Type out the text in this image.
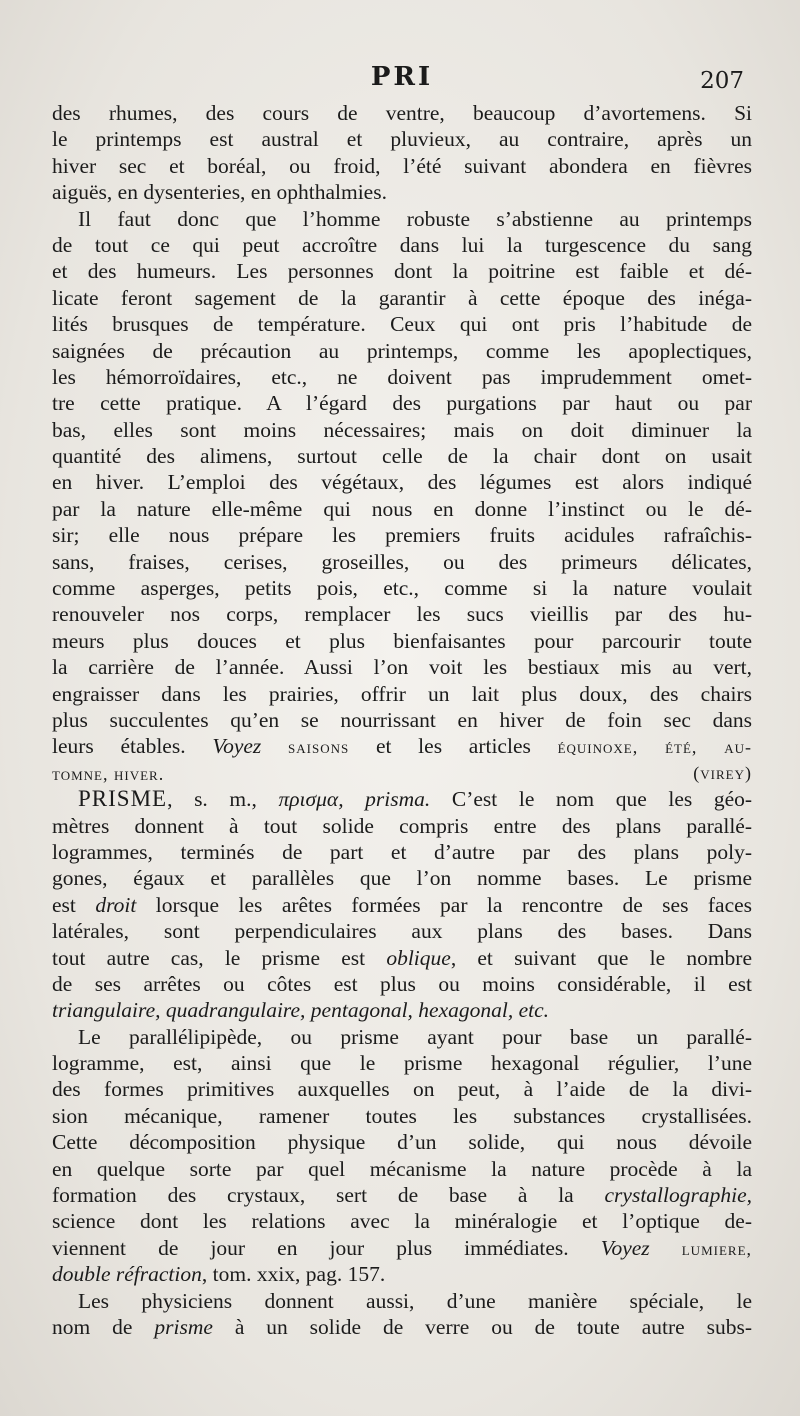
PRI	207
des rhumes, des cours de ventre, beaucoup d’avortemens. Si
le printemps est austral et pluvieux, au contraire, après un
hiver sec et boréal, ou froid, l’été suivant abondera en fièvres
aiguës, en dysenteries, en ophthalmies.
Il faut donc que l’homme robuste s’abstienne au printemps
de tout ce qui peut accroître dans lui la turgescence du sang
et des humeurs. Les personnes dont la poitrine est faible et dé-
licate feront sagement de la garantir à cette époque des inéga-
lités brusques de température. Ceux qui ont pris l’habitude de
saignées de précaution au printemps, comme les apoplectiques,
les hémorroïdaires, etc., ne doivent pas imprudemment omet-
tre cette pratique. A l’égard des purgations par haut ou par
bas, elles sont moins nécessaires; mais on doit diminuer la
quantité des alimens, surtout celle de la chair dont on usait
en hiver. L’emploi des végétaux, des légumes est alors indiqué
par la nature elle-même qui nous en donne l’instinct ou le dé-
sir; elle nous prépare les premiers fruits acidules rafraîchis-
sans, fraises, cerises, groseilles, ou des primeurs délicates,
comme asperges, petits pois, etc., comme si la nature voulait
renouveler nos corps, remplacer les sucs vieillis par des hu-
meurs plus douces et plus bienfaisantes pour parcourir toute
la carrière de l’année. Aussi l’on voit les bestiaux mis au vert,
engraisser dans les prairies, offrir un lait plus doux, des chairs
plus succulentes qu’en se nourrissant en hiver de foin sec dans
leurs étables. Voyez saisons et les articles équinoxe, été, au-
tomne, hiver.	(virey)
PRISME, s. m., πρισμα, prisma. C’est le nom que les géo-
mètres donnent à tout solide compris entre des plans parallé-
logrammes, terminés de part et d’autre par des plans poly-
gones, égaux et parallèles que l’on nomme bases. Le prisme
est droit lorsque les arêtes formées par la rencontre de ses faces
latérales, sont perpendiculaires aux plans des bases. Dans
tout autre cas, le prisme est oblique, et suivant que le nombre
de ses arrêtes ou côtes est plus ou moins considérable, il est
triangulaire, quadrangulaire, pentagonal, hexagonal, etc.
Le parallélipipède, ou prisme ayant pour base un parallé-
logramme, est, ainsi que le prisme hexagonal régulier, l’une
des formes primitives auxquelles on peut, à l’aide de la divi-
sion mécanique, ramener toutes les substances crystallisées.
Cette décomposition physique d’un solide, qui nous dévoile
en quelque sorte par quel mécanisme la nature procède à la
formation des crystaux, sert de base à la crystallographie,
science dont les relations avec la minéralogie et l’optique de-
viennent de jour en jour plus immédiates. Voyez lumiere,
double réfraction, tom. xxix, pag. 157.
Les physiciens donnent aussi, d’une manière spéciale, le
nom de prisme à un solide de verre ou de toute autre subs-
